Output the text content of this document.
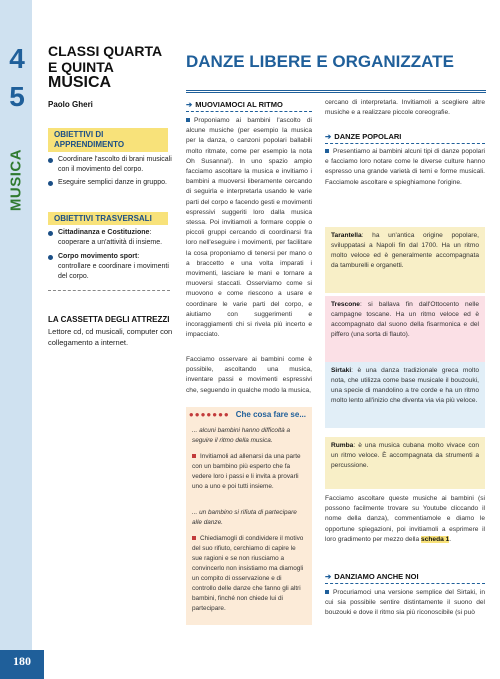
4
5
MUSICA
180
CLASSI QUARTA
E QUINTA
MUSICA
Paolo Gheri
OBIETTIVI DI APPRENDIMENTO
Coordinare l'ascolto di brani musicali con il movimento del corpo.
Eseguire semplici danze in gruppo.
OBIETTIVI TRASVERSALI
Cittadinanza e Costituzione: cooperare a un'attività di insieme.
Corpo movimento sport: controllare e coordinare i movimenti del corpo.
LA CASSETTA DEGLI ATTREZZI
Lettore cd, cd musicali, computer con collegamento a internet.
DANZE LIBERE E ORGANIZZATE
➔ MUOVIAMOCI AL RITMO
Proponiamo ai bambini l'ascolto di alcune musiche (per esempio la musica per la danza, o canzoni popolari ballabili molto ritmate, come per esempio la nota Oh Susanna!). In uno spazio ampio facciamo ascoltare la musica e invitiamo i bambini a muoversi liberamente cercando di seguirla e interpretarla usando le varie parti del corpo e facendo gesti e movimenti espressivi suggeriti loro dalla musica stessa. Poi invitiamoli a formare coppie o piccoli gruppi cercando di coordinarsi fra loro nell'eseguire i movimenti, per facilitare la cosa proponiamo di tenersi per mano o a braccetto e una volta imparati i movimenti, lasciare le mani e tornare a muoversi staccati. Osserviamo come si muovono e come riescono a usare e coordinare le varie parti del corpo, e aiutiamo con suggerimenti e incoraggiamenti chi si rivela più incerto e impacciato.
Facciamo osservare ai bambini come è possibile, ascoltando una musica, inventare passi e movimenti espressivi che, seguendo in qualche modo la musica,
●●●●●●● Che cosa fare se...
... alcuni bambini hanno difficoltà a seguire il ritmo della musica.
Invitiamoli ad allenarsi da una parte con un bambino più esperto che fa vedere loro i passi e li invita a provarli uno a uno e poi tutti insieme.
... un bambino si rifiuta di partecipare alle danze.
Chiediamogli di condividere il motivo del suo rifiuto, cerchiamo di capire le sue ragioni e se non riusciamo a convincerlo non insistiamo ma diamogli un compito di osservazione e di controllo delle danze che fanno gli altri bambini, finché non chiede lui di partecipare.
cercano di interpretarla. Invitiamoli a scegliere altre musiche e a realizzare piccole coreografie.
➔ DANZE POPOLARI
Presentiamo ai bambini alcuni tipi di danze popolari e facciamo loro notare come le diverse culture hanno espresso una grande varietà di temi e forme musicali. Facciamole ascoltare e spieghiamone l'origine.
Tarantella: ha un'antica origine popolare, sviluppatasi a Napoli fin dal 1700. Ha un ritmo molto veloce ed è generalmente accompagnata da tamburelli e organetti.
Trescone: si ballava fin dall'Ottocento nelle campagne toscane. Ha un ritmo veloce ed è accompagnato dal suono della fisarmonica e del piffero (una sorta di flauto).
Sirtaki: è una danza tradizionale greca molto nota, che utilizza come base musicale il bouzouki, una specie di mandolino a tre corde e ha un ritmo molto lento all'inizio che diventa via via più veloce.
Rumba: è una musica cubana molto vivace con un ritmo veloce. È accompagnata da strumenti a percussione.
Facciamo ascoltare queste musiche ai bambini (si possono facilmente trovare su Youtube cliccando il nome della danza), commentiamole e diamo le opportune spiegazioni, poi invitiamoli a esprimere il loro gradimento per mezzo della scheda 1.
➔ DANZIAMO ANCHE NOI
Procuriamoci una versione semplice del Sirtaki, in cui sia possibile sentire distintamente il suono del bouzouki e dove il ritmo sia più riconoscibile (si può
